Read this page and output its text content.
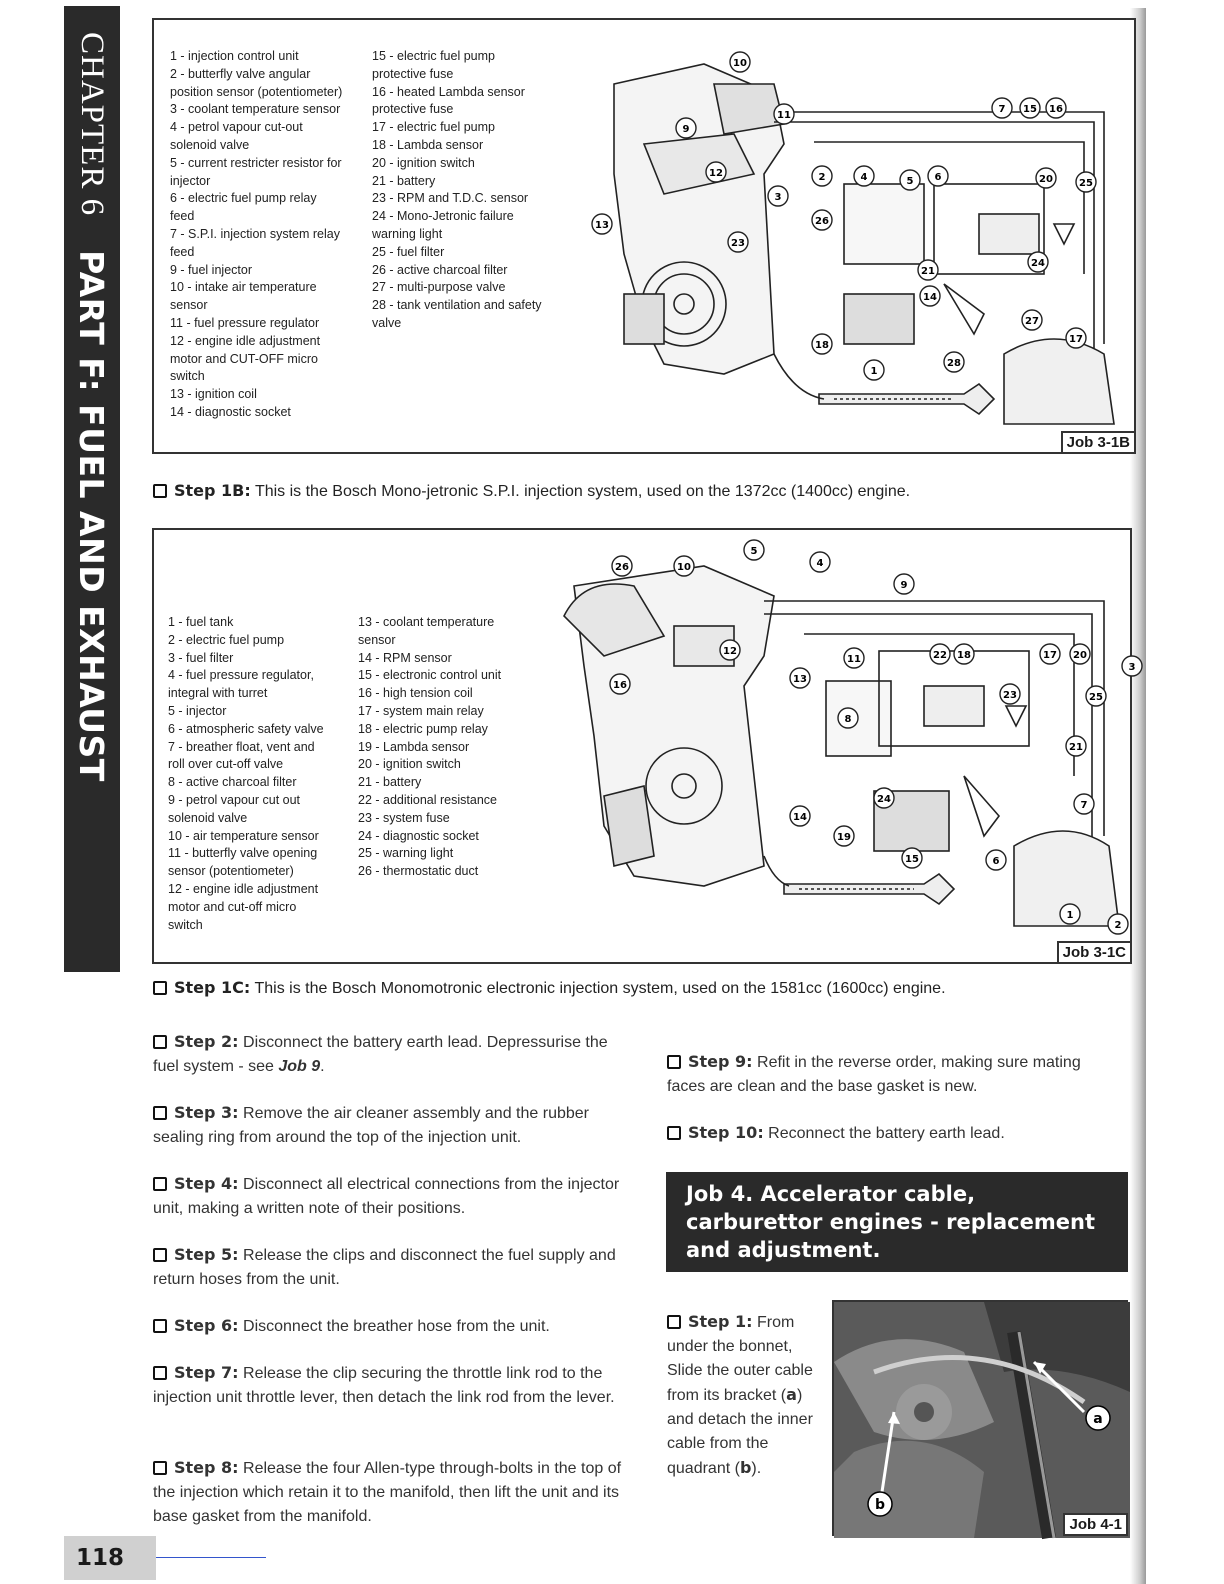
CHAPTER 6
PART F: FUEL AND EXHAUST
1 - injection control unit
2 - butterfly valve angular
position sensor (potentiometer)
3 - coolant temperature sensor
4 - petrol vapour cut-out
solenoid valve
5 - current restricter resistor for
injector
6 - electric fuel pump relay
feed
7 - S.P.I. injection system relay
feed
9 - fuel injector
10 - intake air temperature
sensor
11 - fuel pressure regulator
12 - engine idle adjustment
motor and CUT-OFF micro
switch
13 - ignition coil
14 - diagnostic socket
15 - electric fuel pump
protective fuse
16 - heated Lambda sensor
protective fuse
17 - electric fuel pump
18 - Lambda sensor
20 - ignition switch
21 - battery
23 - RPM and T.D.C. sensor
24 - Mono-Jetronic failure
warning light
25 - fuel filter
26 - active charcoal filter
27 - multi-purpose valve
28 - tank ventilation and safety
valve
10
11
9
12	2
3
4	5 6
7 15 16
20	25
13
23
26
21
24
14
27
17
18
1
28
Job 3-1B
Step 1B: This is the Bosch Mono-jetronic S.P.I. injection system, used on the 1372cc (1400cc) engine.
1 - fuel tank
2 - electric fuel pump
3 - fuel filter
4 - fuel pressure regulator,
integral with turret
5 - injector
6 - atmospheric safety valve
7 - breather float, vent and
roll over cut-off valve
8 - active charcoal filter
9 - petrol vapour cut out
solenoid valve
10 - air temperature sensor
11 - butterfly valve opening
sensor (potentiometer)
12 - engine idle adjustment
motor and cut-off micro
switch
13 - coolant temperature
sensor
14 - RPM sensor
15 - electronic control unit
16 - high tension coil
17 - system main relay
18 - electric pump relay
19 - Lambda sensor
20 - ignition switch
21 - battery
22 - additional resistance
23 - system fuse
24 - diagnostic socket
25 - warning light
26 - thermostatic duct
26	10
5
4
9
12
11
13
16
22 18	17 20
3
8
23	25
21
24
7
14
19
15	6
1
2
Job 3-1C
Step 1C: This is the Bosch Monomotronic electronic injection system, used on the 1581cc (1600cc) engine.
Step 2: Disconnect the battery earth lead. Depressurise the fuel system - see Job 9.
Step 3: Remove the air cleaner assembly and the rubber sealing ring from around the top of the injection unit.
Step 4: Disconnect all electrical connections from the injector unit, making a written note of their positions.
Step 5: Release the clips and disconnect the fuel supply and return hoses from the unit.
Step 6: Disconnect the breather hose from the unit.
Step 7: Release the clip securing the throttle link rod to the injection unit throttle lever, then detach the link rod from the lever.
Step 8: Release the four Allen-type through-bolts in the top of the injection which retain it to the manifold, then lift the unit and its base gasket from the manifold.
Step 9: Refit in the reverse order, making sure mating faces are clean and the base gasket is new.
Step 10: Reconnect the battery earth lead.
Job 4. Accelerator cable, carburettor engines - replacement and adjustment.
Step 1: From under the bonnet, Slide the outer cable from its bracket (a) and detach the inner cable from the quadrant (b).
a
b
Job 4-1
118
